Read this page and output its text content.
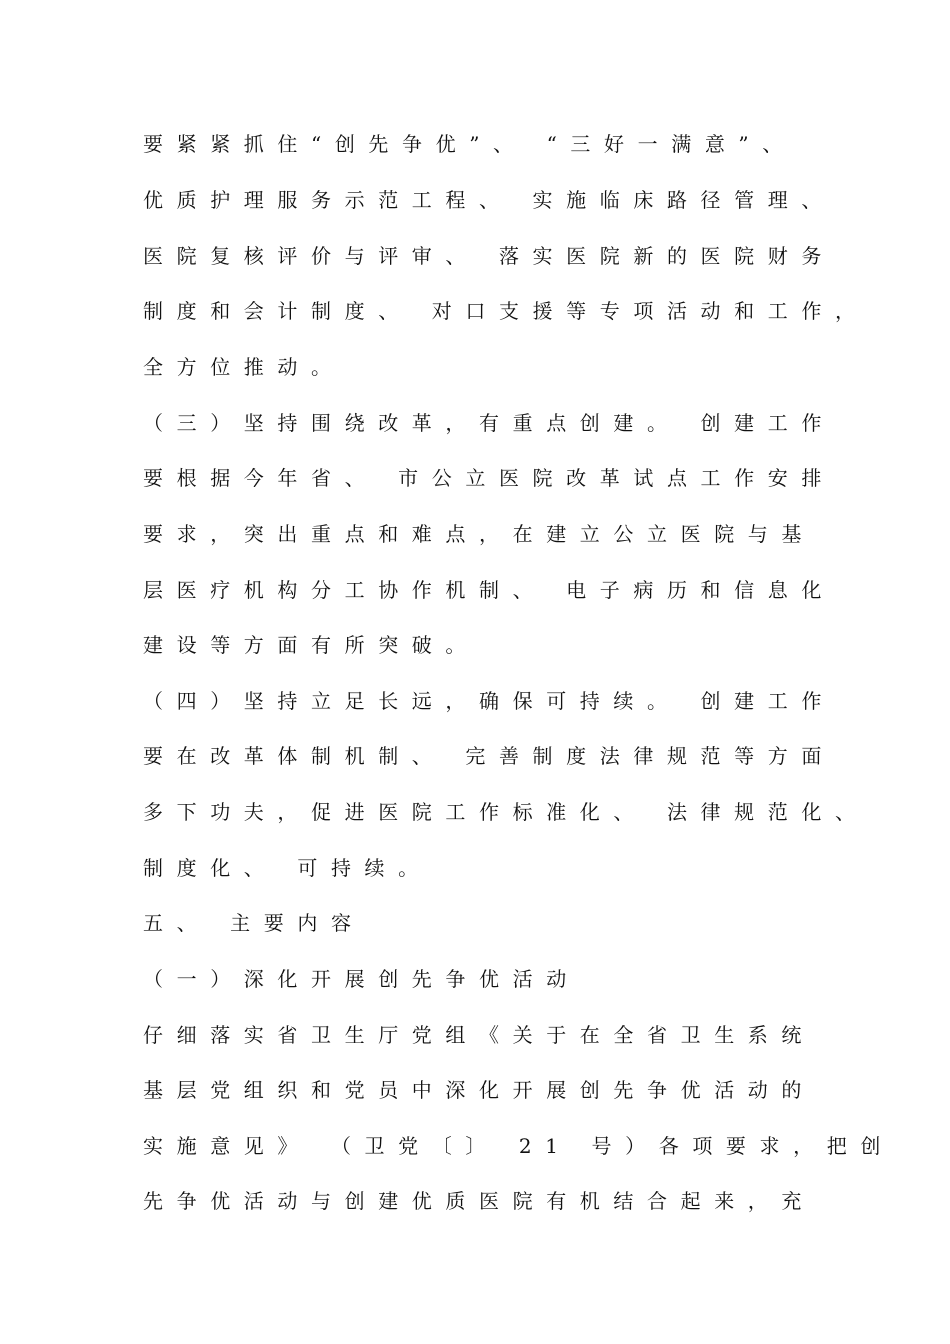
要紧紧抓住“创先争优”、 “三好一满意”、

优质护理服务示范工程、 实施临床路径管理、

医院复核评价与评审、 落实医院新的医院财务

制度和会计制度、 对口支援等专项活动和工作，

全方位推动。

（三）坚持围绕改革，有重点创建。 创建工作

要根据今年省、 市公立医院改革试点工作安排

要求，突出重点和难点，在建立公立医院与基

层医疗机构分工协作机制、 电子病历和信息化

建设等方面有所突破。

（四）坚持立足长远，确保可持续。 创建工作

要在改革体制机制、 完善制度法律规范等方面

多下功夫，促进医院工作标准化、 法律规范化、

制度化、 可持续。

五、 主要内容

（一）深化开展创先争优活动

仔细落实省卫生厅党组《关于在全省卫生系统

基层党组织和党员中深化开展创先争优活动的

实施意见》 （卫党〔〕 21 号）各项要求，把创

先争优活动与创建优质医院有机结合起来，充
